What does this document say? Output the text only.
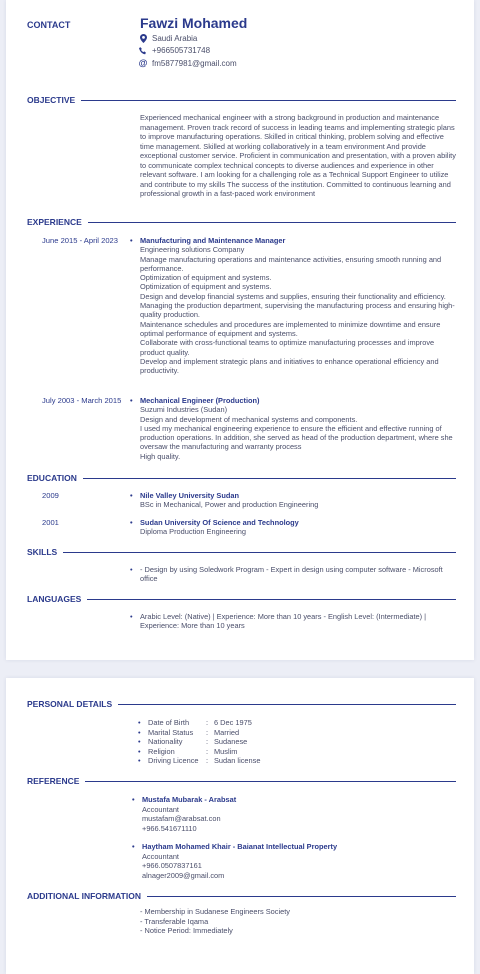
CONTACT	Fawzi Mohamed
Saudi Arabia
+966505731748
@ fm5877981@gmail.com
OBJECTIVE
Experienced mechanical engineer with a strong background in production and maintenance management. Proven track record of success in leading teams and implementing strategic plans to improve manufacturing operations. Skilled in critical thinking, problem solving and effective time management. Skilled at working collaboratively in a team environment And provide exceptional customer service. Proficient in communication and presentation, with a proven ability to communicate complex technical concepts to diverse audiences and experience in other relevant software. I am looking for a challenging role as a Technical Support Engineer to utilize and contribute to my skills The success of the institution. Committed to continuous learning and professional growth in a fast-paced work environment
EXPERIENCE
June 2015 - April 2023	• Manufacturing and Maintenance Manager
Engineering solutions Company
Manage manufacturing operations and maintenance activities, ensuring smooth running and performance.
Optimization of equipment and systems.
Optimization of equipment and systems.
Design and develop financial systems and supplies, ensuring their functionality and efficiency.
Managing the production department, supervising the manufacturing process and ensuring high-quality production.
Maintenance schedules and procedures are implemented to minimize downtime and ensure optimal performance of equipment and systems.
Collaborate with cross-functional teams to optimize manufacturing processes and improve product quality.
Develop and implement strategic plans and initiatives to enhance operational efficiency and productivity.
July 2003 - March 2015 • Mechanical Engineer (Production)
Suzumi Industries (Sudan)
Design and development of mechanical systems and components.
I used my mechanical engineering experience to ensure the efficient and effective running of production operations. In addition, she served as head of the production department, where she oversaw the manufacturing and warranty process
High quality.
EDUCATION
2009	• Nile Valley University Sudan
BSc in Mechanical, Power and production Engineering
2001	• Sudan University Of Science and Technology
Diploma Production Engineering
SKILLS
• - Design by using Soledwork Program - Expert in design using computer software - Microsoft office
LANGUAGES
• Arabic Level: (Native) | Experience: More than 10 years - English Level: (Intermediate) | Experience: More than 10 years
PERSONAL DETAILS
• Date of Birth	: 6 Dec 1975
• Marital Status	: Married
• Nationality	: Sudanese
• Religion	: Muslim
• Driving Licence	: Sudan license
REFERENCE
• Mustafa Mubarak - Arabsat
Accountant
mustafam@arabsat.con
+966.541671110
• Haytham Mohamed Khair - Baianat Intellectual Property
Accountant
+966.0507837161
alnager2009@gmail.com
ADDITIONAL INFORMATION
- Membership in Sudanese Engineers Society
- Transferable Iqama
- Notice Period: Immediately
